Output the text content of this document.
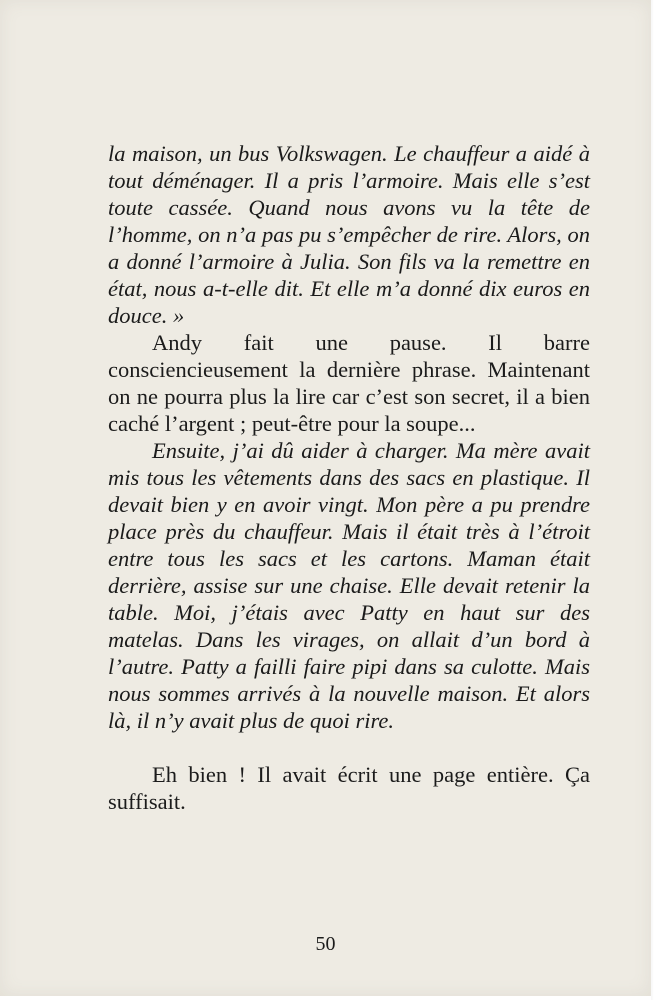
la maison, un bus Volkswagen. Le chauffeur a aidé à tout déménager. Il a pris l’armoire. Mais elle s’est toute cassée. Quand nous avons vu la tête de l’homme, on n’a pas pu s’empêcher de rire. Alors, on a donné l’armoire à Julia. Son fils va la remettre en état, nous a-t-elle dit. Et elle m’a donné dix euros en douce. »

Andy fait une pause. Il barre consciencieusement la dernière phrase. Maintenant on ne pourra plus la lire car c’est son secret, il a bien caché l’argent ; peut-être pour la soupe...

Ensuite, j’ai dû aider à charger. Ma mère avait mis tous les vêtements dans des sacs en plastique. Il devait bien y en avoir vingt. Mon père a pu prendre place près du chauffeur. Mais il était très à l’étroit entre tous les sacs et les cartons. Maman était derrière, assise sur une chaise. Elle devait retenir la table. Moi, j’étais avec Patty en haut sur des matelas. Dans les virages, on allait d’un bord à l’autre. Patty a failli faire pipi dans sa culotte. Mais nous sommes arrivés à la nouvelle maison. Et alors là, il n’y avait plus de quoi rire.

Eh bien ! Il avait écrit une page entière. Ça suffisait.

50
